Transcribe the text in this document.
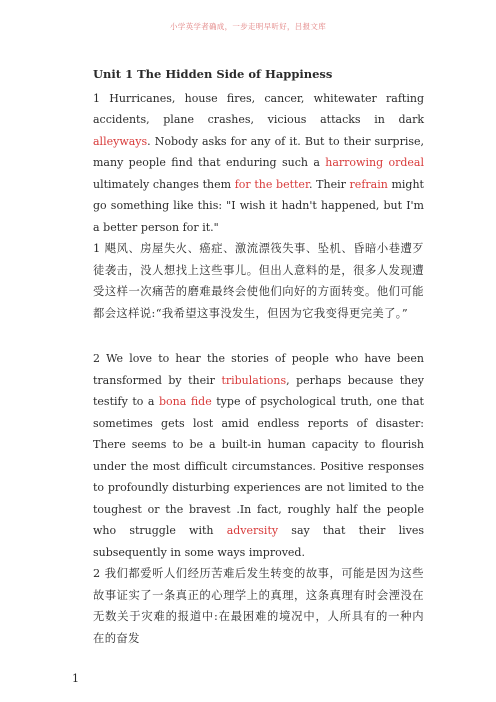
小学英学者确成，一步走明早听好，吕报文库

Unit 1 The Hidden Side of Happiness

1 Hurricanes, house fires, cancer, whitewater rafting accidents, plane crashes, vicious attacks in dark alleyways. Nobody asks for any of it. But to their surprise, many people find that enduring such a harrowing ordeal ultimately changes them for the better. Their refrain might go something like this: "I wish it hadn't happened, but I'm a better person for it."

1 飓风、房屋失火、癌症、激流漂筏失事、坠机、昏暗小巷遭歹徒袭击，没人想找上这些事儿。但出人意料的是，很多人发现遭受这样一次痛苦的磨难最终会使他们向好的方面转变。他们可能都会这样说:“我希望这事没发生，但因为它我变得更完美了。”

2 We love to hear the stories of people who have been transformed by their tribulations, perhaps because they testify to a bona fide type of psychological truth, one that sometimes gets lost amid endless reports of disaster: There seems to be a built-in human capacity to flourish under the most difficult circumstances. Positive responses to profoundly disturbing experiences are not limited to the toughest or the bravest .In fact, roughly half the people who struggle with adversity say that their lives subsequently in some ways improved.

2 我们都爱听人们经历苦难后发生转变的故事，可能是因为这些故事证实了一条真正的心理学上的真理，这条真理有时会湮没在无数关于灾难的报道中:在最困难的境况中，人所具有的一种内在的奋发

1
